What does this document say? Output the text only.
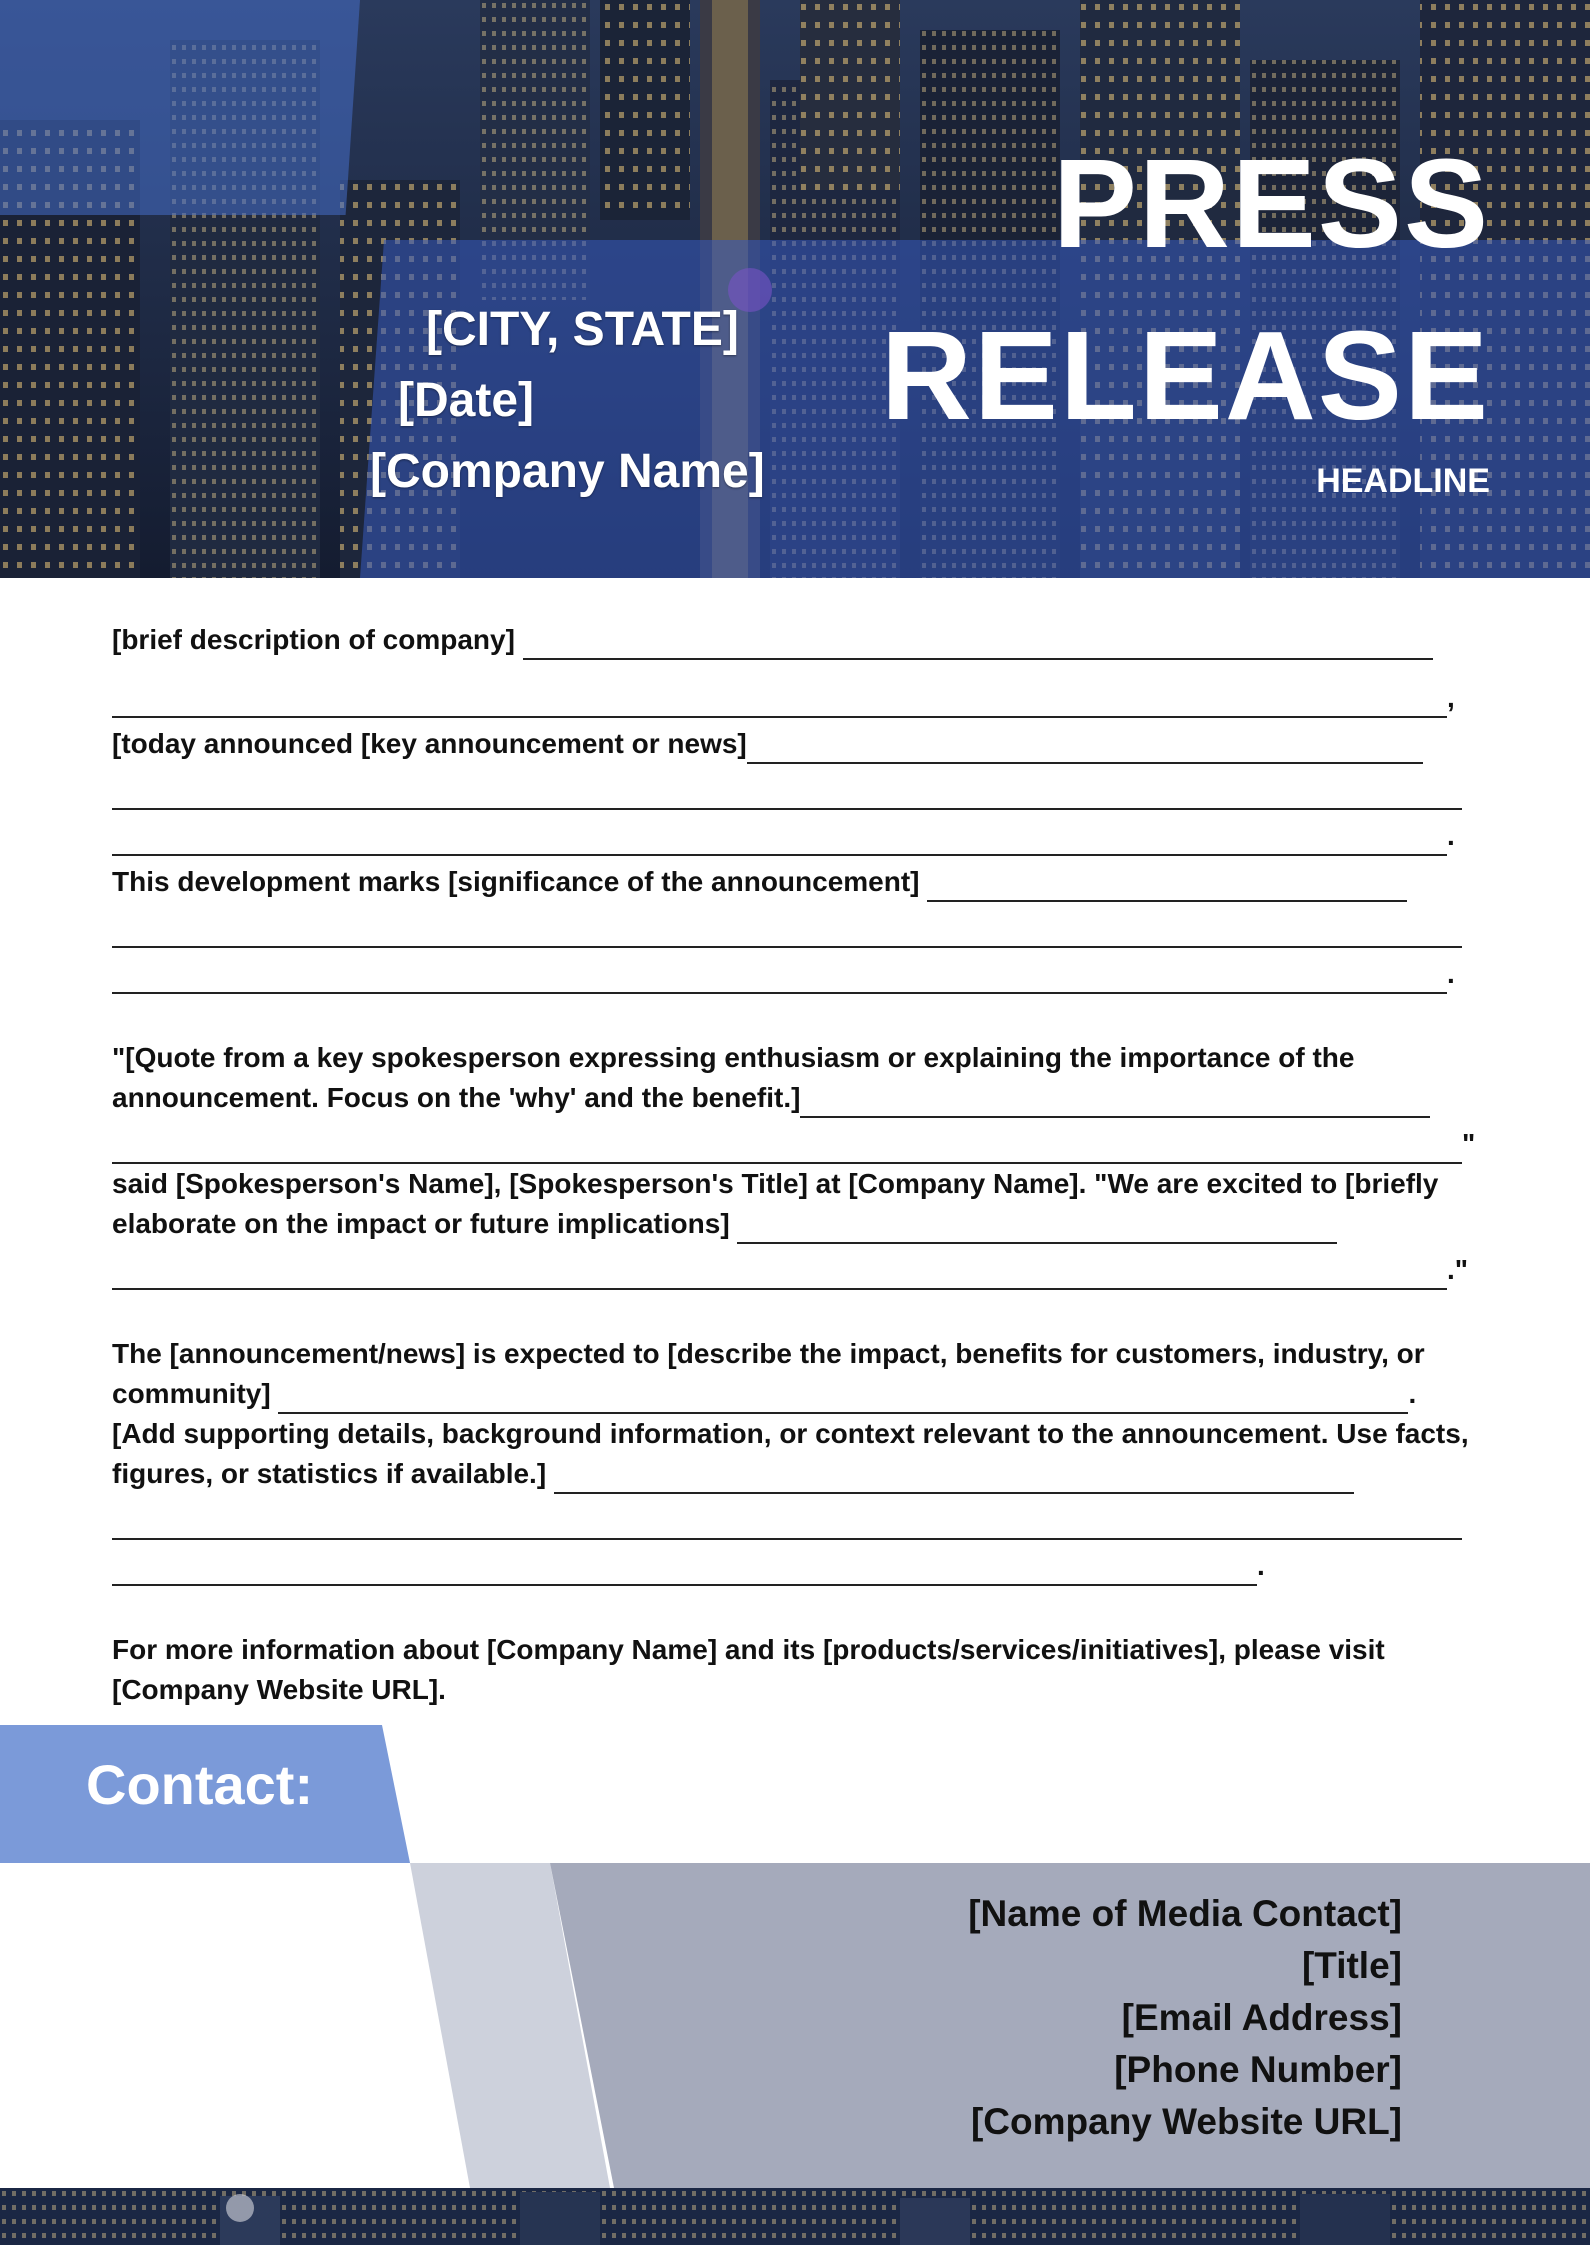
PRESS
RELEASE

HEADLINE

[CITY, STATE]

[Date]

[Company Name]

[brief description of company]

,

[today announced [key announcement or news]

.

This development marks [significance of the announcement]

.

"[Quote from a key spokesperson expressing enthusiasm or explaining the importance of the announcement. Focus on the 'why' and the benefit.]

"

said [Spokesperson's Name], [Spokesperson's Title] at [Company Name]. "We are excited to [briefly elaborate on the impact or future implications]

."

The [announcement/news] is expected to [describe the impact, benefits for customers, industry, or community]	.

[Add supporting details, background information, or context relevant to the announcement. Use facts, figures, or statistics if available.]

.

For more information about [Company Name] and its [products/services/initiatives], please visit [Company Website URL].

Contact:

[Name of Media Contact]
[Title]
[Email Address]
[Phone Number]
[Company Website URL]
